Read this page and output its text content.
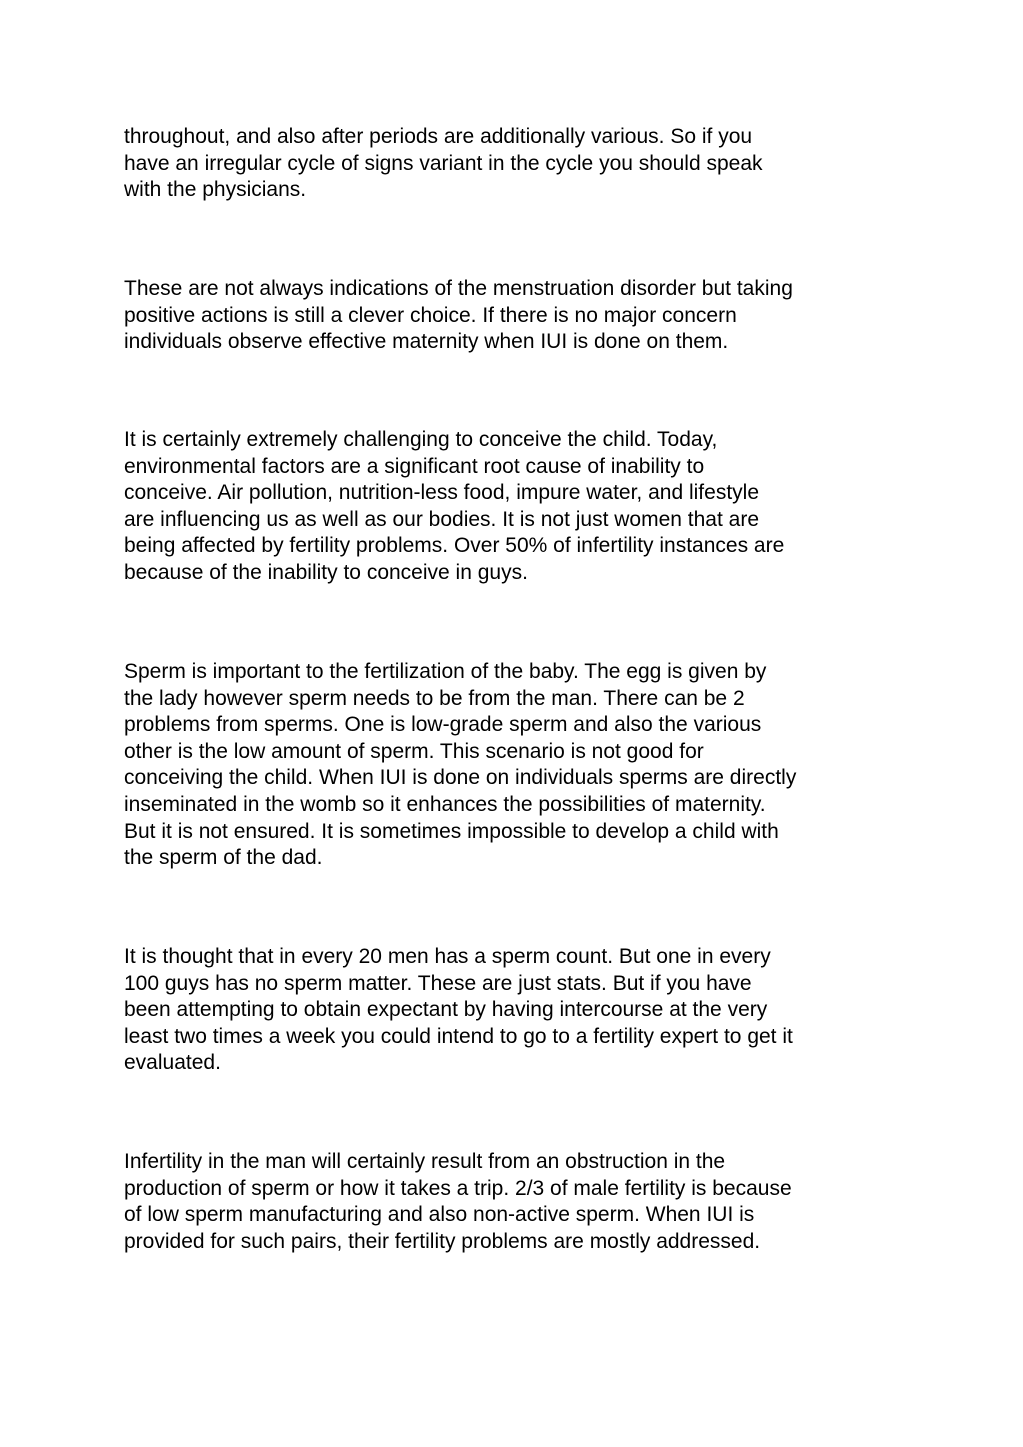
throughout, and also after periods are additionally various. So if you
have an irregular cycle of signs variant in the cycle you should speak
with the physicians.

These are not always indications of the menstruation disorder but taking
positive actions is still a clever choice. If there is no major concern
individuals observe effective maternity when IUI is done on them.

It is certainly extremely challenging to conceive the child. Today,
environmental factors are a significant root cause of inability to
conceive. Air pollution, nutrition-less food, impure water, and lifestyle
are influencing us as well as our bodies. It is not just women that are
being affected by fertility problems. Over 50% of infertility instances are
because of the inability to conceive in guys.

Sperm is important to the fertilization of the baby. The egg is given by
the lady however sperm needs to be from the man. There can be 2
problems from sperms. One is low-grade sperm and also the various
other is the low amount of sperm. This scenario is not good for
conceiving the child. When IUI is done on individuals sperms are directly
inseminated in the womb so it enhances the possibilities of maternity.
But it is not ensured. It is sometimes impossible to develop a child with
the sperm of the dad.

It is thought that in every 20 men has a sperm count. But one in every
100 guys has no sperm matter. These are just stats. But if you have
been attempting to obtain expectant by having intercourse at the very
least two times a week you could intend to go to a fertility expert to get it
evaluated.

Infertility in the man will certainly result from an obstruction in the
production of sperm or how it takes a trip. 2/3 of male fertility is because
of low sperm manufacturing and also non-active sperm. When IUI is
provided for such pairs, their fertility problems are mostly addressed.
